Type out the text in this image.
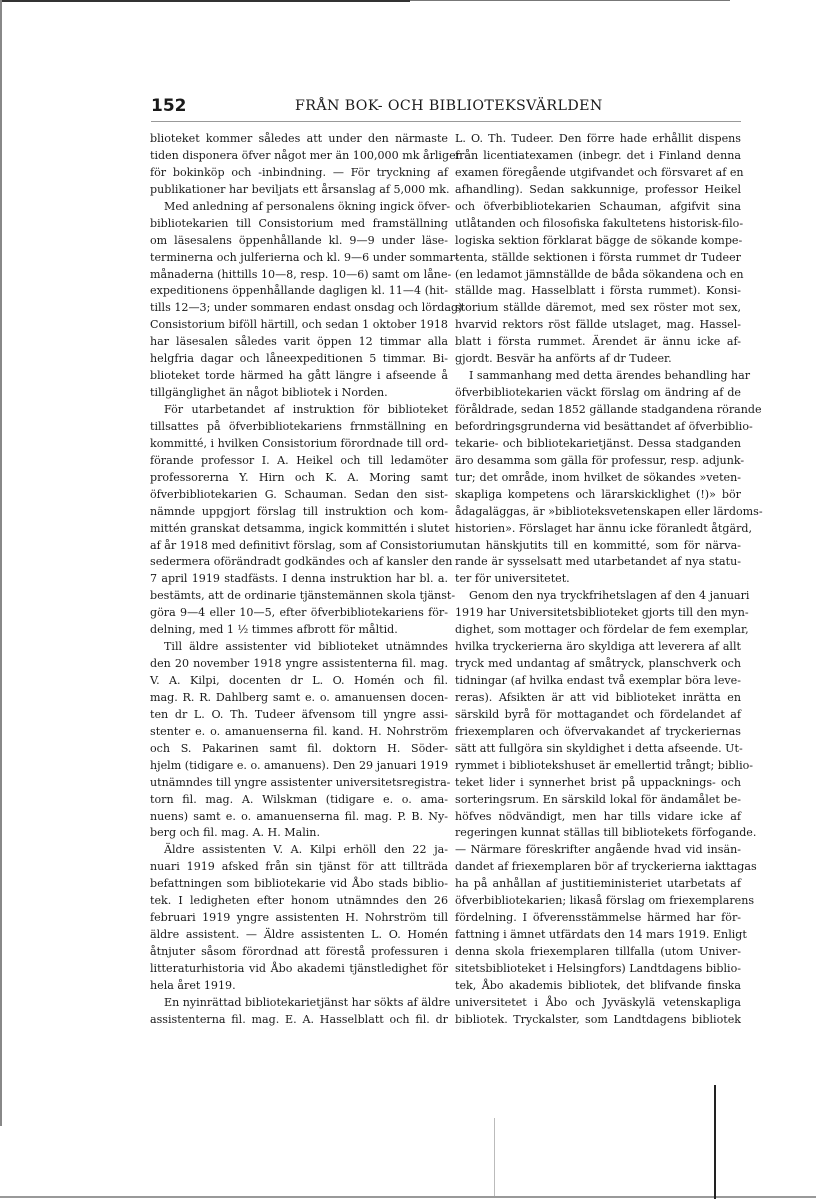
152	FRÅN BOK- OCH BIBLIOTEKSVÄRLDEN
blioteket kommer således att under den närmaste
tiden disponera öfver något mer än 100,000 mk årligen
för bokinköp och -inbindning. — För tryckning af
publikationer har beviljats ett årsanslag af 5,000 mk.
Med anledning af personalens ökning ingick öfver-
bibliotekarien till Consistorium med framställning
om läsesalens öppenhållande kl. 9—9 under läse-
terminerna och julferierna och kl. 9—6 under sommar-
månaderna (hittills 10—8, resp. 10—6) samt om låne-
expeditionens öppenhållande dagligen kl. 11—4 (hit-
tills 12—3; under sommaren endast onsdag och lördag)
Consistorium biföll härtill, och sedan 1 oktober 1918
har läsesalen således varit öppen 12 timmar alla
helgfria dagar och låneexpeditionen 5 timmar. Bi-
blioteket torde härmed ha gått längre i afseende å
tillgänglighet än något bibliotek i Norden.
För utarbetandet af instruktion för biblioteket
tillsattes på öfverbibliotekariens frnmställning en
kommitté, i hvilken Consistorium förordnade till ord-
förande professor I. A. Heikel och till ledamöter
professorerna Y. Hirn och K. A. Moring samt
öfverbibliotekarien G. Schauman. Sedan den sist-
nämnde uppgjort förslag till instruktion och kom-
mittén granskat detsamma, ingick kommittén i slutet
af år 1918 med definitivt förslag, som af Consistorium
sedermera oförändradt godkändes och af kansler den
7 april 1919 stadfästs. I denna instruktion har bl. a.
bestämts, att de ordinarie tjänstemännen skola tjänst-
göra 9—4 eller 10—5, efter öfverbibliotekariens för-
delning, med 1 ½ timmes afbrott för måltid.
Till äldre assistenter vid biblioteket utnämndes
den 20 november 1918 yngre assistenterna fil. mag.
V. A. Kilpi, docenten dr L. O. Homén och fil.
mag. R. R. Dahlberg samt e. o. amanuensen docen-
ten dr L. O. Th. Tudeer äfvensom till yngre assi-
stenter e. o. amanuenserna fil. kand. H. Nohrström
och S. Pakarinen samt fil. doktorn H. Söder-
hjelm (tidigare e. o. amanuens). Den 29 januari 1919
utnämndes till yngre assistenter universitetsregistra-
torn fil. mag. A. Wilskman (tidigare e. o. ama-
nuens) samt e. o. amanuenserna fil. mag. P. B. Ny-
berg och fil. mag. A. H. Malin.
Äldre assistenten V. A. Kilpi erhöll den 22 ja-
nuari 1919 afsked från sin tjänst för att tillträda
befattningen som bibliotekarie vid Åbo stads biblio-
tek. I ledigheten efter honom utnämndes den 26
februari 1919 yngre assistenten H. Nohrström till
äldre assistent. — Äldre assistenten L. O. Homén
åtnjuter såsom förordnad att förestå professuren i
litteraturhistoria vid Åbo akademi tjänstledighet för
hela året 1919.
En nyinrättad bibliotekarietjänst har sökts af äldre
assistenterna fil. mag. E. A. Hasselblatt och fil. dr
L. O. Th. Tudeer. Den förre hade erhållit dispens
från licentiatexamen (inbegr. det i Finland denna
examen föregående utgifvandet och försvaret af en
afhandling). Sedan sakkunnige, professor Heikel
och öfverbibliotekarien Schauman, afgifvit sina
utlåtanden och filosofiska fakultetens historisk-filo-
logiska sektion förklarat bägge de sökande kompe-
tenta, ställde sektionen i första rummet dr Tudeer
(en ledamot jämnställde de båda sökandena och en
ställde mag. Hasselblatt i första rummet). Konsi-
storium ställde däremot, med sex röster mot sex,
hvarvid rektors röst fällde utslaget, mag. Hassel-
blatt i första rummet. Ärendet är ännu icke af-
gjordt. Besvär ha anförts af dr Tudeer.
I sammanhang med detta ärendes behandling har
öfverbibliotekarien väckt förslag om ändring af de
föråldrade, sedan 1852 gällande stadgandena rörande
befordringsgrunderna vid besättandet af öfverbiblio-
tekarie- och bibliotekarietjänst. Dessa stadganden
äro desamma som gälla för professur, resp. adjunk-
tur; det område, inom hvilket de sökandes »veten-
skapliga kompetens och lärarskicklighet (!)» bör
ådagaläggas, är »biblioteksvetenskapen eller lärdoms-
historien». Förslaget har ännu icke föranledt åtgärd,
utan hänskjutits till en kommitté, som för närva-
rande är sysselsatt med utarbetandet af nya statu-
ter för universitetet.
Genom den nya tryckfrihetslagen af den 4 januari
1919 har Universitetsbiblioteket gjorts till den myn-
dighet, som mottager och fördelar de fem exemplar,
hvilka tryckerierna äro skyldiga att leverera af allt
tryck med undantag af småtryck, planschverk och
tidningar (af hvilka endast två exemplar böra leve-
reras). Afsikten är att vid biblioteket inrätta en
särskild byrå för mottagandet och fördelandet af
friexemplaren och öfvervakandet af tryckeriernas
sätt att fullgöra sin skyldighet i detta afseende. Ut-
rymmet i bibliotekshuset är emellertid trångt; biblio-
teket lider i synnerhet brist på uppacknings- och
sorteringsrum. En särskild lokal för ändamålet be-
höfves nödvändigt, men har tills vidare icke af
regeringen kunnat ställas till bibliotekets förfogande.
— Närmare föreskrifter angående hvad vid insän-
dandet af friexemplaren bör af tryckerierna iakttagas
ha på anhållan af justitieministeriet utarbetats af
öfverbibliotekarien; likaså förslag om friexemplarens
fördelning. I öfverensstämmelse härmed har för-
fattning i ämnet utfärdats den 14 mars 1919. Enligt
denna skola friexemplaren tillfalla (utom Univer-
sitetsbiblioteket i Helsingfors) Landtdagens biblio-
tek, Åbo akademis bibliotek, det blifvande finska
universitetet i Åbo och Jyväskylä vetenskapliga
bibliotek. Tryckalster, som Landtdagens bibliotek
